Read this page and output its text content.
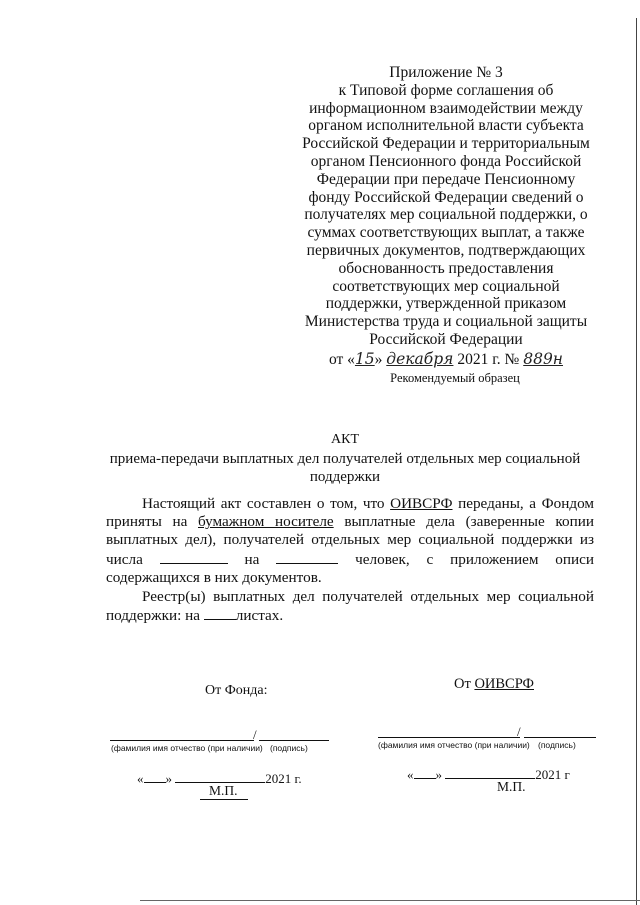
Приложение № 3
к Типовой форме соглашения об
информационном взаимодействии между
органом исполнительной власти субъекта
Российской Федерации и территориальным
органом Пенсионного фонда Российской
Федерации при передаче Пенсионному
фонду Российской Федерации сведений о
получателях мер социальной поддержки, о
суммах соответствующих выплат, а также
первичных документов, подтверждающих
обоснованность предоставления
соответствующих мер социальной
поддержки, утвержденной приказом
Министерства труда и социальной защиты
Российской Федерации
от «15» декабря 2021 г. № 889н
Рекомендуемый образец
АКТ
приема-передачи выплатных дел получателей отдельных мер социальной поддержки

Настоящий акт составлен о том, что ОИВСРФ переданы, а Фондом приняты на бумажном носителе выплатные дела (заверенные копии выплатных дел), получателей отдельных мер социальной поддержки из числа	на	человек, с приложением описи содержащихся в них документов.

Реестр(ы) выплатных дел получателей отдельных мер социальной поддержки: на листах.

От Фонда:	От ОИВСРФ
/
(фамилия имя отчество (при наличии) (подпись)
« »	2021 г.
М.П.
/
(фамилия имя отчество (при наличии) (подпись)
« »	2021 г
М.П.
